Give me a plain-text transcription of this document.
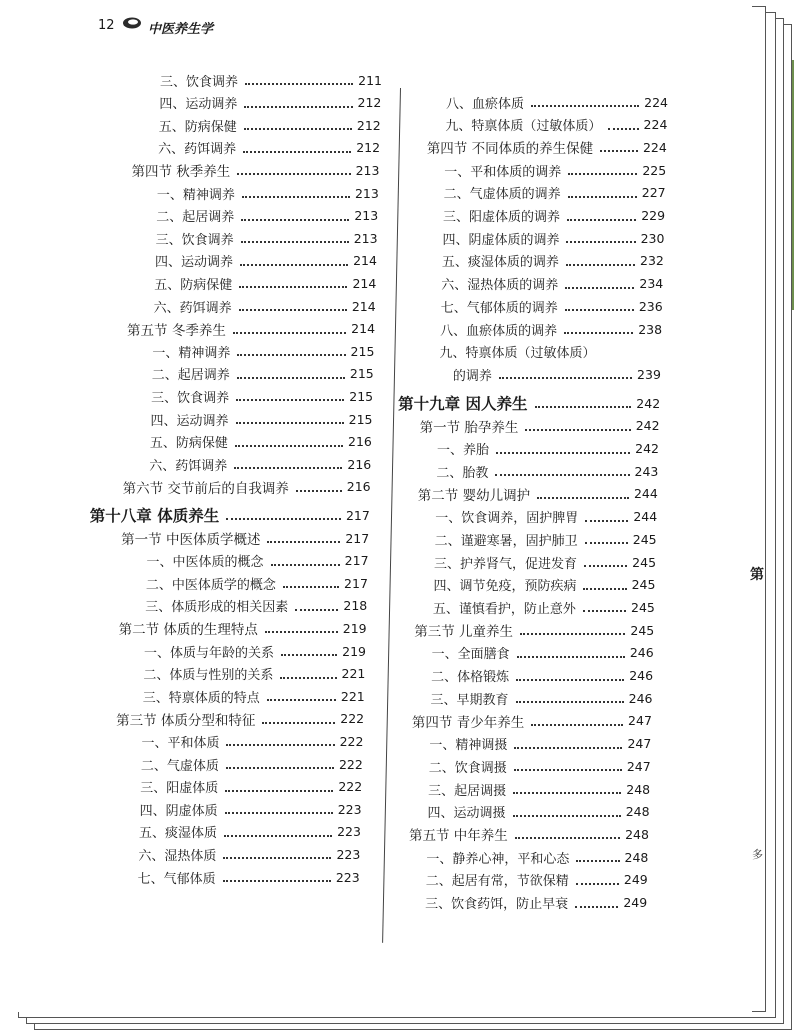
12	中医养生学
三、饮食调养	211
四、运动调养	212
五、防病保健	212
六、药饵调养	212
第四节 秋季养生	213
一、精神调养	213
二、起居调养	213
三、饮食调养	213
四、运动调养	214
五、防病保健	214
六、药饵调养	214
第五节 冬季养生	214
一、精神调养	215
二、起居调养	215
三、饮食调养	215
四、运动调养	215
五、防病保健	216
六、药饵调养	216
第六节 交节前后的自我调养	216
第十八章 体质养生	217
第一节 中医体质学概述	217
一、中医体质的概念	217
二、中医体质学的概念	217
三、体质形成的相关因素	218
第二节 体质的生理特点	219
一、体质与年龄的关系	219
二、体质与性别的关系	221
三、特禀体质的特点	221
第三节 体质分型和特征	222
一、平和体质	222
二、气虚体质	222
三、阳虚体质	222
四、阴虚体质	223
五、痰湿体质	223
六、湿热体质	223
七、气郁体质	223
八、血瘀体质	224
九、特禀体质（过敏体质）	224
第四节 不同体质的养生保健	224
一、平和体质的调养	225
二、气虚体质的调养	227
三、阳虚体质的调养	229
四、阴虚体质的调养	230
五、痰湿体质的调养	232
六、湿热体质的调养	234
七、气郁体质的调养	236
八、血瘀体质的调养	238
九、特禀体质（过敏体质）
的调养	239
第十九章 因人养生	242
第一节 胎孕养生	242
一、养胎	242
二、胎教	243
第二节 婴幼儿调护	244
一、饮食调养，固护脾胃	244
二、谨避寒暑，固护肺卫	245
三、护养肾气，促进发育	245
四、调节免疫，预防疾病	245
五、谨慎看护，防止意外	245
第三节 儿童养生	245
一、全面膳食	246
二、体格锻炼	246
三、早期教育	246
第四节 青少年养生	247
一、精神调摄	247
二、饮食调摄	247
三、起居调摄	248
四、运动调摄	248
第五节 中年养生	248
一、静养心神，平和心态	248
二、起居有常，节欲保精	249
三、饮食药饵，防止早衰	249
第
多
